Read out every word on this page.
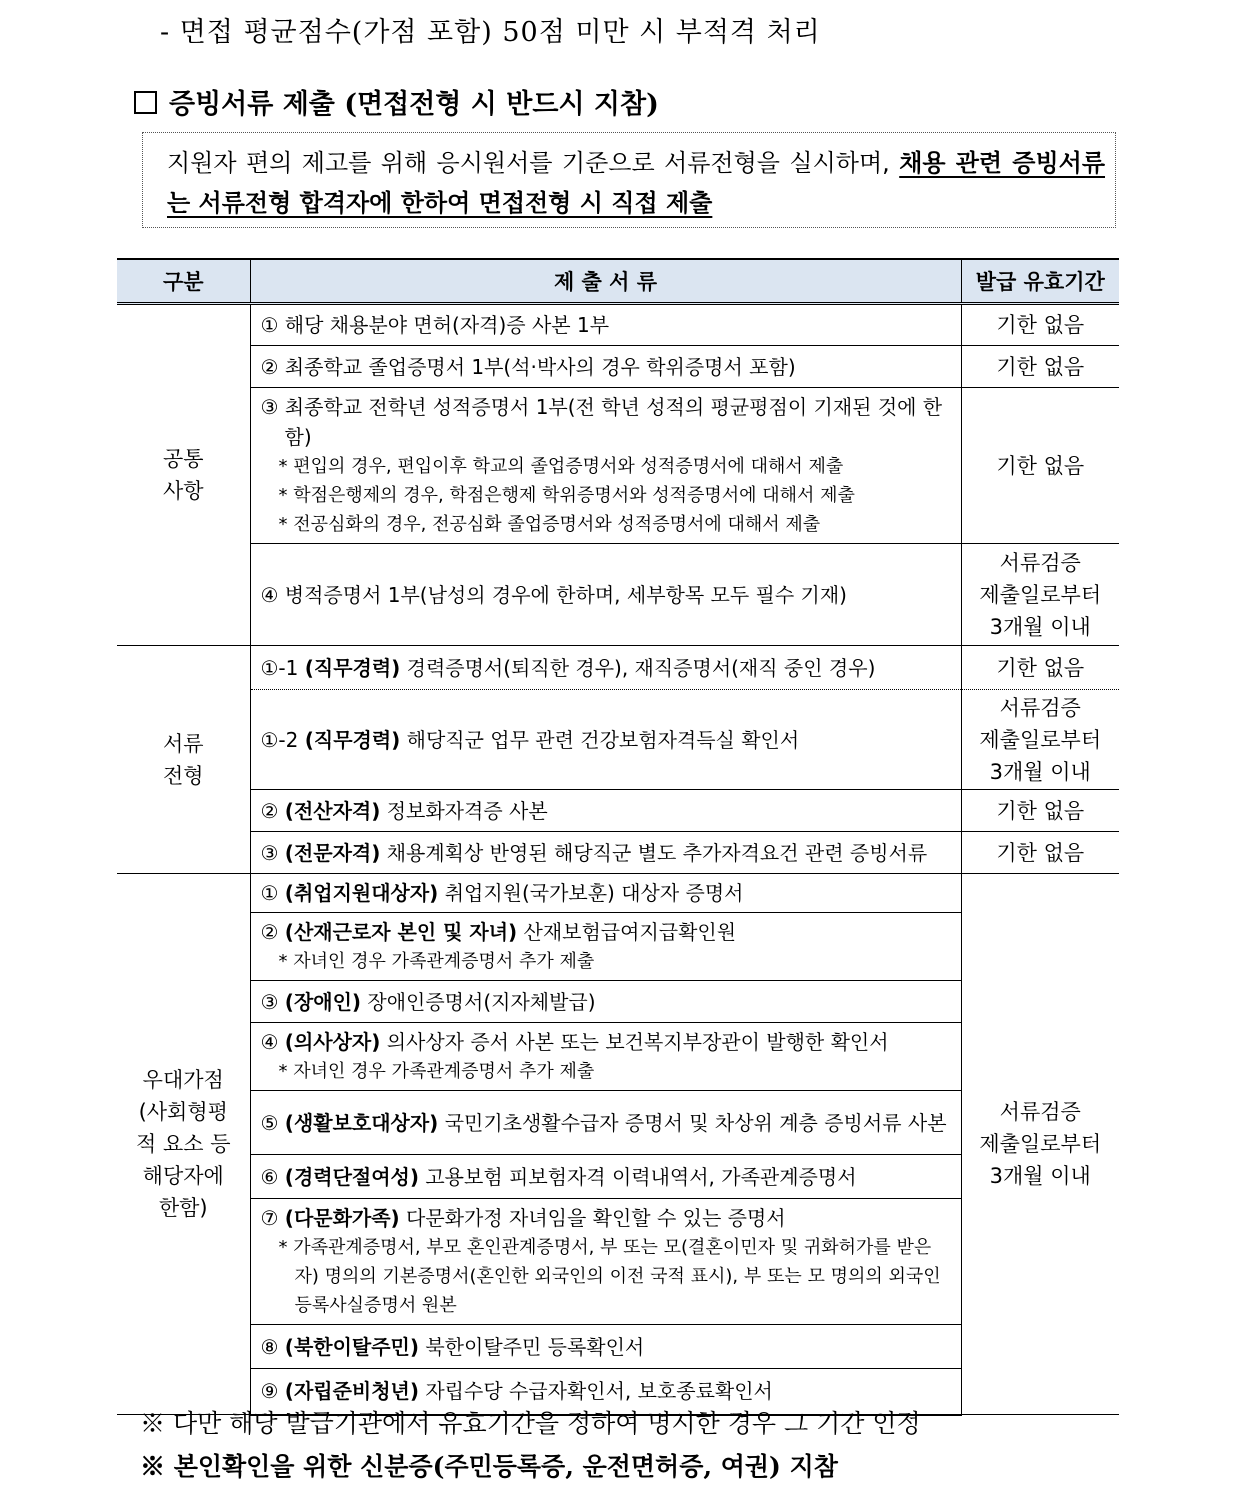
- 면접 평균점수(가점 포함) 50점 미만 시 부적격 처리
증빙서류 제출 (면접전형 시 반드시 지참)
지원자 편의 제고를 위해 응시원서를 기준으로 서류전형을 실시하며, 채용 관련 증빙서류는 서류전형 합격자에 한하여 면접전형 시 직접 제출
구분	제 출 서 류	발급 유효기간
공통
사항	① 해당 채용분야 면허(자격)증 사본 1부	기한 없음
	② 최종학교 졸업증명서 1부(석·박사의 경우 학위증명서 포함)	기한 없음

	③ 최종학교 전학년 성적증명서 1부(전 학년 성적의 평균평점이 기재된 것에 한함)
* 편입의 경우, 편입이후 학교의 졸업증명서와 성적증명서에 대해서 제출
* 학점은행제의 경우, 학점은행제 학위증명서와 성적증명서에 대해서 제출
* 전공심화의 경우, 전공심화 졸업증명서와 성적증명서에 대해서 제출	기한 없음
	④ 병적증명서 1부(남성의 경우에 한하며, 세부항목 모두 필수 기재)	서류검증
제출일로부터
3개월 이내
서류
전형	①-1 (직무경력) 경력증명서(퇴직한 경우), 재직증명서(재직 중인 경우)	기한 없음
	①-2 (직무경력) 해당직군 업무 관련 건강보험자격득실 확인서	서류검증
제출일로부터
3개월 이내
	② (전산자격) 정보화자격증 사본	기한 없음
	③ (전문자격) 채용계획상 반영된 해당직군 별도 추가자격요건 관련 증빙서류	기한 없음
우대가점
(사회형평
적 요소 등
해당자에
한함)	① (취업지원대상자) 취업지원(국가보훈) 대상자 증명서	서류검증
제출일로부터
3개월 이내

	② (산재근로자 본인 및 자녀) 산재보험급여지급확인원
* 자녀인 경우 가족관계증명서 추가 제출	

	③ (장애인) 장애인증명서(지자체발급)	

	④ (의사상자) 의사상자 증서 사본 또는 보건복지부장관이 발행한 확인서
* 자녀인 경우 가족관계증명서 추가 제출	

	⑤ (생활보호대상자) 국민기초생활수급자 증명서 및 차상위 계층 증빙서류 사본	

	⑥ (경력단절여성) 고용보험 피보험자격 이력내역서, 가족관계증명서	

	⑦ (다문화가족) 다문화가정 자녀임을 확인할 수 있는 증명서
* 가족관계증명서, 부모 혼인관계증명서, 부 또는 모(결혼이민자 및 귀화허가를 받은 자) 명의의 기본증명서(혼인한 외국인의 이전 국적 표시), 부 또는 모 명의의 외국인 등록사실증명서 원본	

	⑧ (북한이탈주민) 북한이탈주민 등록확인서	
	⑨ (자립준비청년) 자립수당 수급자확인서, 보호종료확인서	
※ 다만 해당 발급기관에서 유효기간을 정하여 명시한 경우 그 기간 인정
※ 본인확인을 위한 신분증(주민등록증, 운전면허증, 여권) 지참
